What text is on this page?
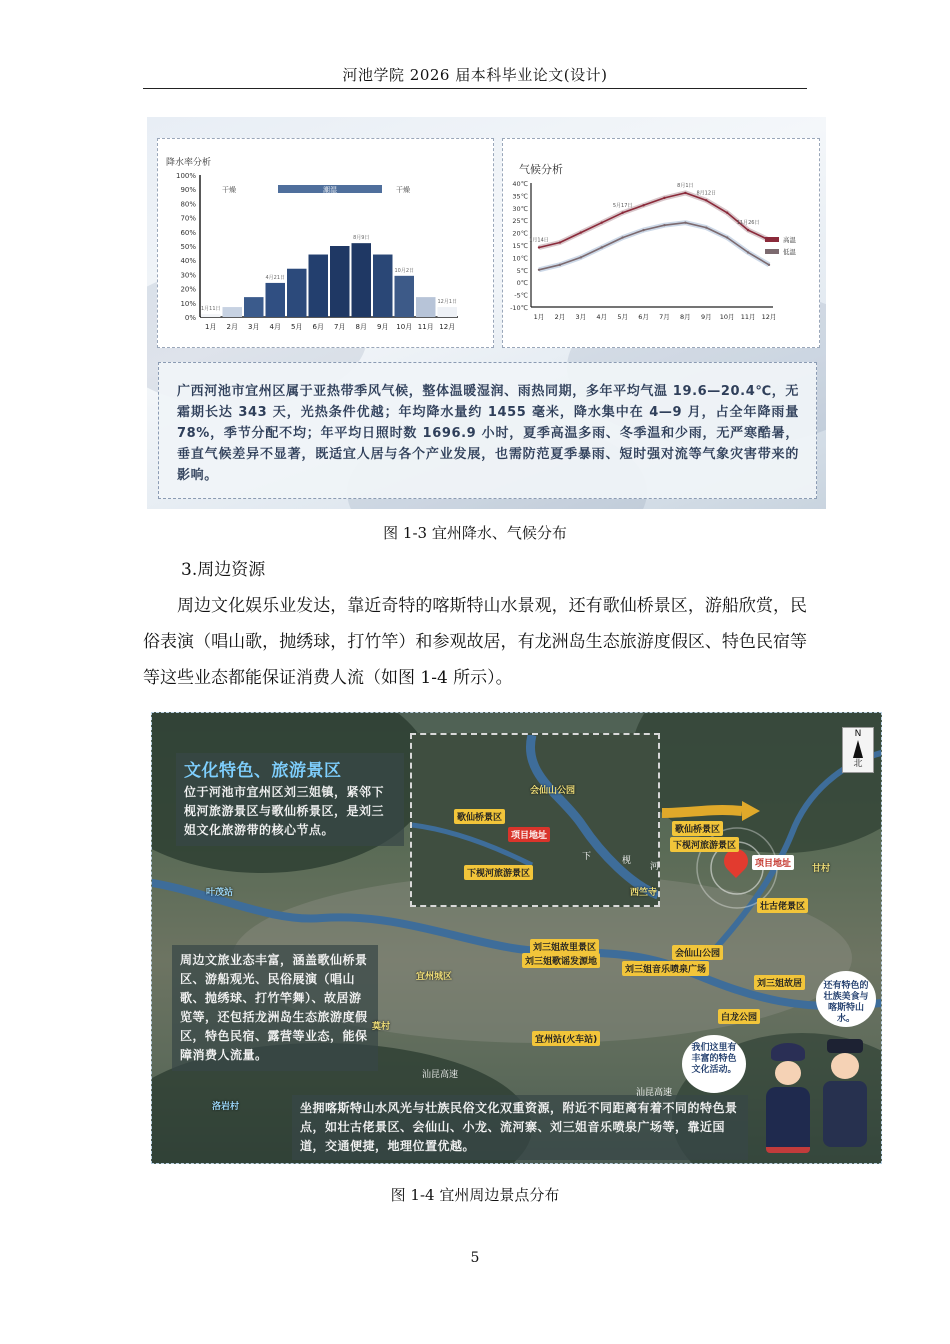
河池学院 2026 届本科毕业论文(设计)
降水率分析
0%
10%
20%
30%
40%
50%
60%
70%
80%
90%
100%
1月 2月 3月 4月 5月 6月 7月 8月 9月 10月 11月 12月
1月11日
4月21日
8月9日
10月2日
12月1日
潮湿
干燥	干燥
气候分析
-10℃
-5℃
0℃
5℃
10℃
15℃
20℃
25℃
30℃
35℃
40℃
1月 2月 3月 4月 5月 6月 7月 8月 9月 10月 11月 12月
1月14日
5月17日
8月1日
8月12日
11月26日
高温
低温
广西河池市宜州区属于亚热带季风气候，整体温暖湿润、雨热同期，多年平均气温 19.6—20.4℃，无霜期长达 343 天，光热条件优越；年均降水量约 1455 毫米，降水集中在 4—9 月，占全年降雨量 78%，季节分配不均；年平均日照时数 1696.9 小时，夏季高温多雨、冬季温和少雨，无严寒酷暑，垂直气候差异不显著，既适宜人居与各个产业发展，也需防范夏季暴雨、短时强对流等气象灾害带来的影响。
图 1-3 宜州降水、气候分布
3.周边资源
周边文化娱乐业发达，靠近奇特的喀斯特山水景观，还有歌仙桥景区，游船欣赏，民俗表演（唱山歌，抛绣球，打竹竿）和参观故居，有龙洲岛生态旅游度假区、特色民宿等等这些业态都能保证消费人流（如图 1-4 所示）。
歌仙桥景区
下枧河旅游景区
项目地址
会仙山公园
文化特色、旅游景区
位于河池市宜州区刘三姐镇，紧邻下枧河旅游景区与歌仙桥景区，是刘三姐文化旅游带的核心节点。
周边文旅业态丰富，涵盖歌仙桥景区、游船观光、民俗展演（唱山歌、抛绣球、打竹竿舞）、故居游览等，还包括龙洲岛生态旅游度假区，特色民宿、露营等业态，能保障消费人流量。
坐拥喀斯特山水风光与壮族民俗文化双重资源，附近不同距离有着不同的特色景点，如壮古佬景区、会仙山、小龙、流河寨、刘三姐音乐喷泉广场等，靠近国道，交通便捷，地理位置优越。
项目地址
N
北
歌仙桥景区
下枧河旅游景区
壮古佬景区
叶茂站
刘三姐故里景区
刘三姐歌谣发源地
刘三姐音乐喷泉广场
会仙山公园
刘三姐故居
白龙公园
西竺寺
甘村
宜州城区
莫村
宜州站(火车站)
汕昆高速
汕昆高速
洛岩村
下	枧
河
还有特色的壮族美食与喀斯特山水。
我们这里有丰富的特色文化活动。
图 1-4 宜州周边景点分布
5
